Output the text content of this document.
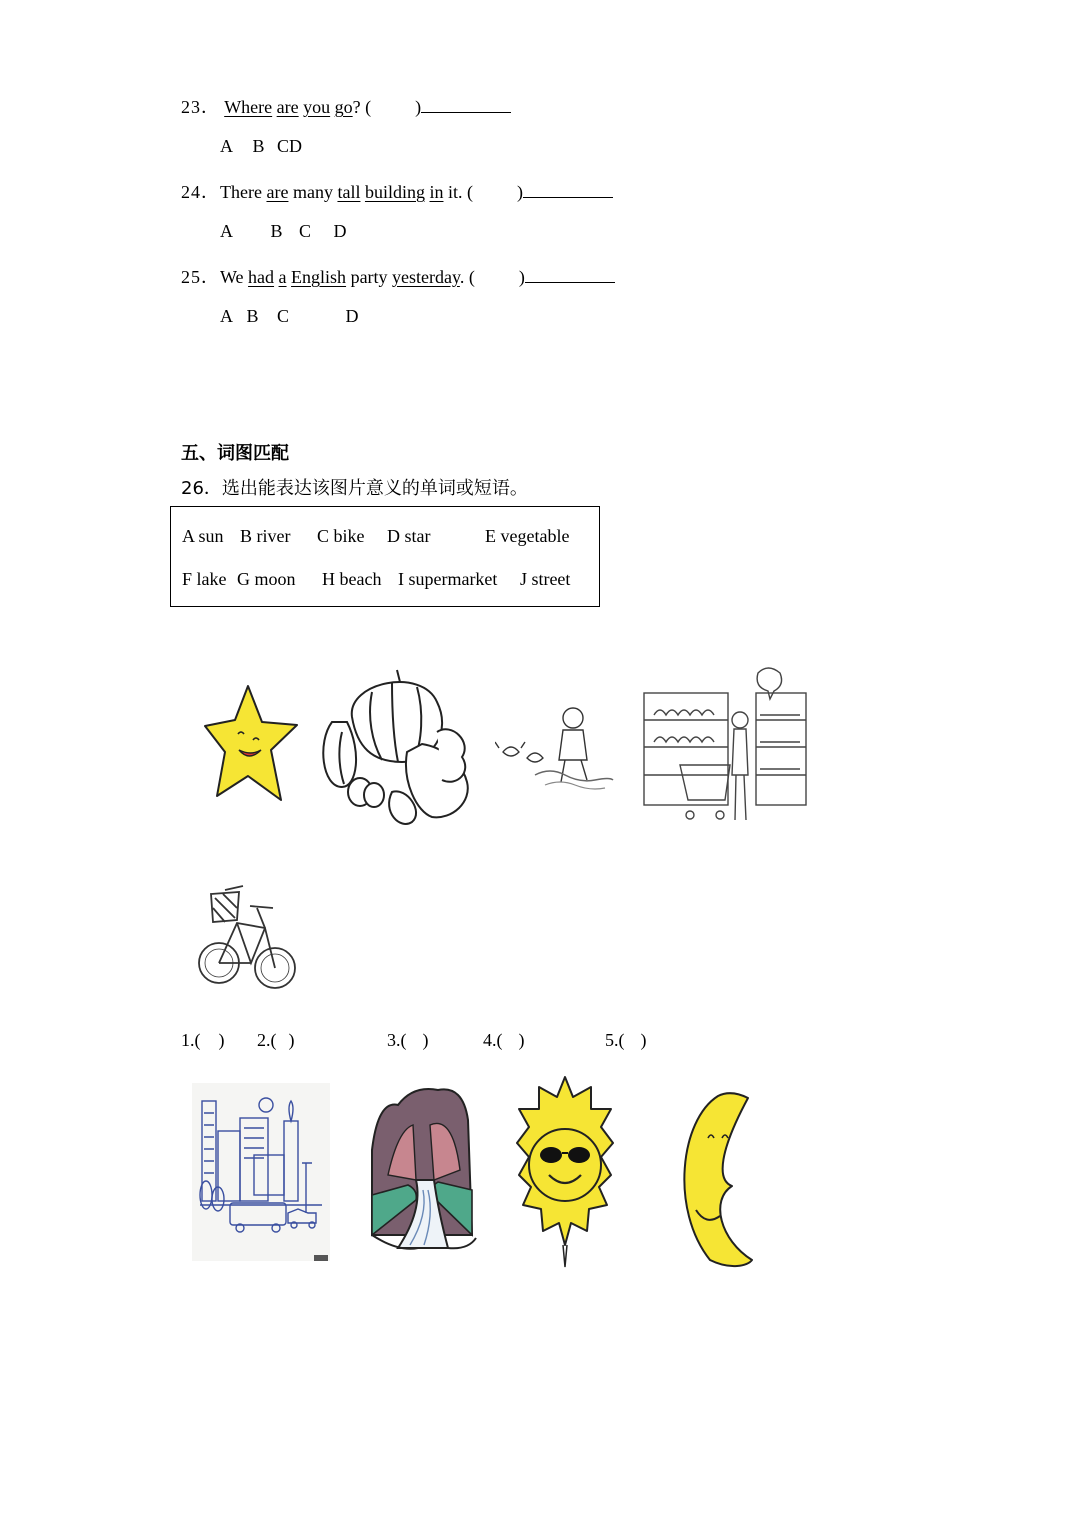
23． Where are you go? ( )
A B CD
24．There are many tall building in it. ( )
A B C D
25．We had a English party yesterday. ( )
A B C	D
五、词图匹配
26．选出能表达该图片意义的单词或短语。
A sun B river C bike D star	E vegetable
F lake G moon H beach I supermarket J street
1.( ) 2.( )	3.( )	4.( )	5.( )
